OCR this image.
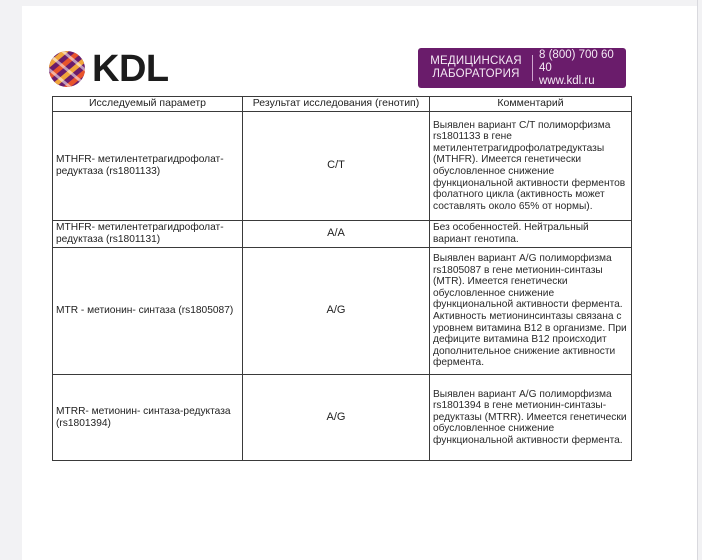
KDL	МЕДИЦИНСКАЯ
ЛАБОРАТОРИЯ
8 (800) 700 60 40
www.kdl.ru
Исследуемый параметр	Результат исследования (генотип)	Комментарий
MTHFR- метилентетрагидрофолат-редуктаза (rs1801133)	C/T	Выявлен вариант C/T полиморфизма rs1801133 в гене метилентетрагидрофолатредуктазы (MTHFR). Имеется генетически обусловленное снижение функциональной активности ферментов фолатного цикла (активность может составлять около 65% от нормы).
MTHFR- метилентетрагидрофолат-редуктаза (rs1801131)	A/A	Без особенностей. Нейтральный вариант генотипа.
MTR - метионин- синтаза (rs1805087)	A/G	Выявлен вариант A/G полиморфизма rs1805087 в гене метионин-синтазы (MTR). Имеется генетически обусловленное снижение функциональной активности фермента. Активность метионинсинтазы связана с уровнем витамина B12 в организме. При дефиците витамина B12 происходит дополнительное снижение активности фермента.
MTRR- метионин- синтаза-редуктаза (rs1801394)	A/G	Выявлен вариант A/G полиморфизма rs1801394 в гене метионин-синтазы-редуктазы (MTRR). Имеется генетически обусловленное снижение функциональной активности фермента.
